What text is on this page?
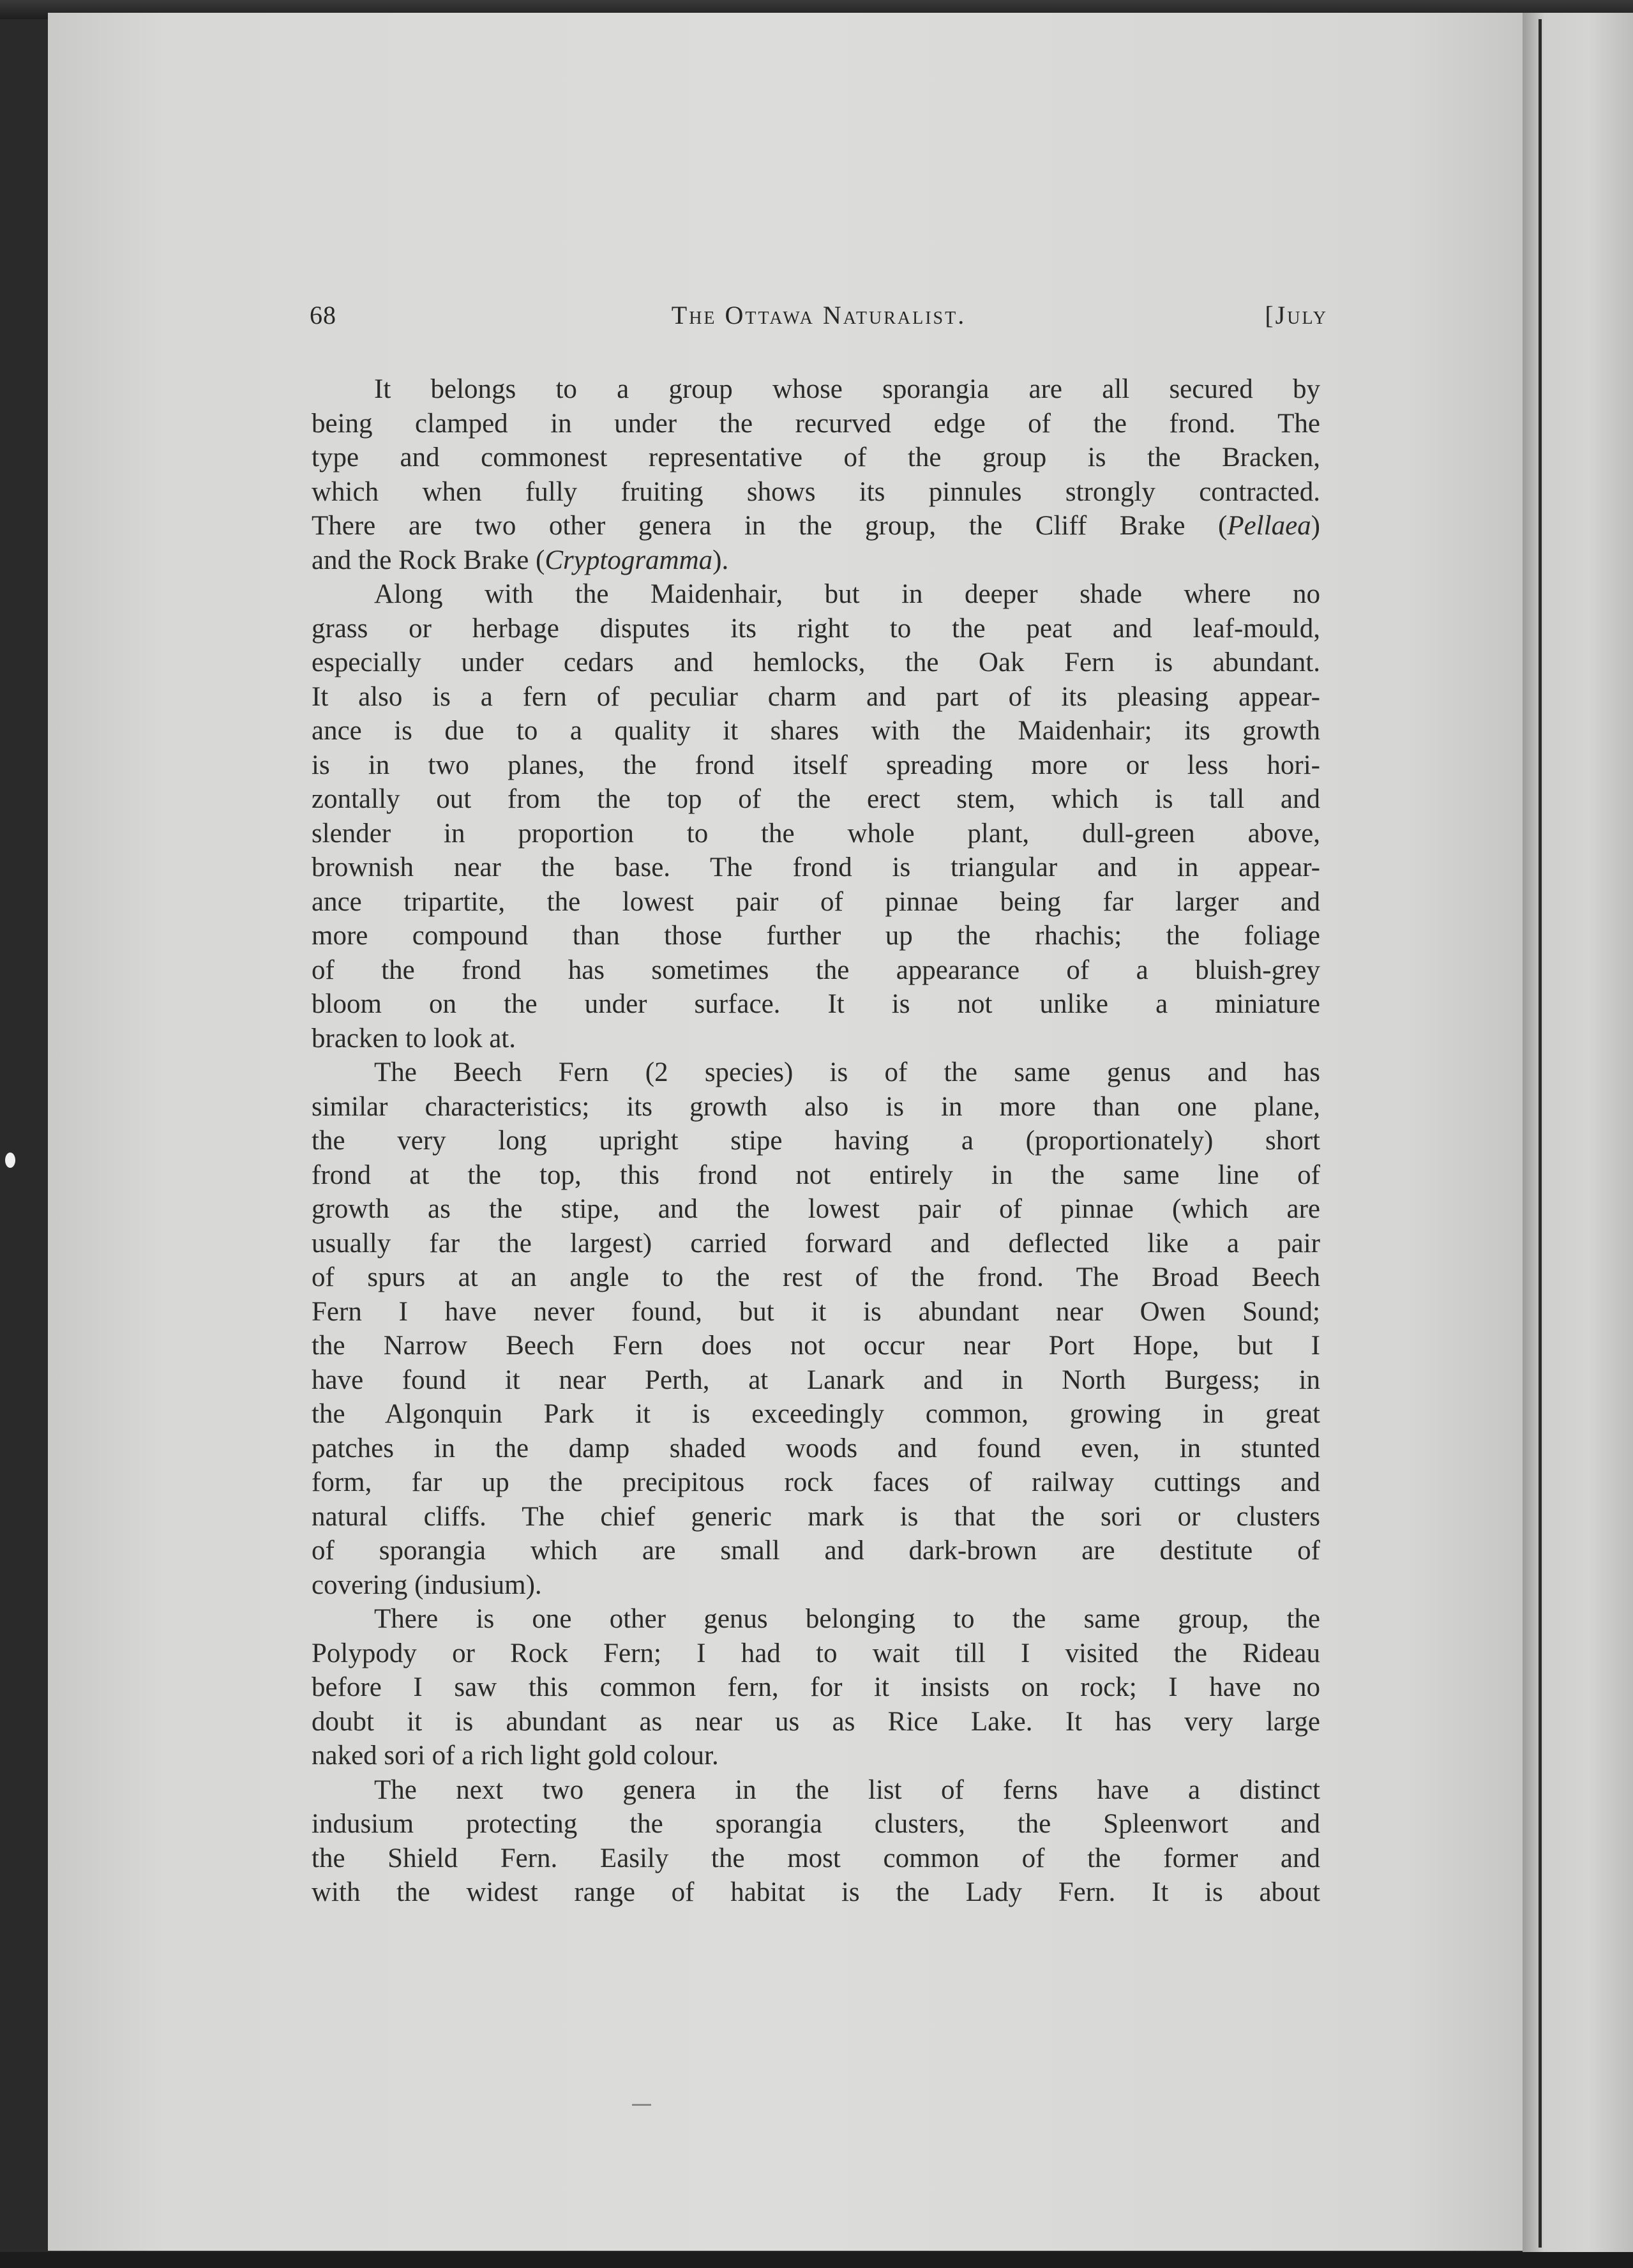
68	The Ottawa Naturalist.	[July
It belongs to a group whose sporangia are all secured by
being clamped in under the recurved edge of the frond. The
type and commonest representative of the group is the Bracken,
which when fully fruiting shows its pinnules strongly contracted.
There are two other genera in the group, the Cliff Brake (Pellaea)
and the Rock Brake (Cryptogramma).
Along with the Maidenhair, but in deeper shade where no
grass or herbage disputes its right to the peat and leaf-mould,
especially under cedars and hemlocks, the Oak Fern is abundant.
It also is a fern of peculiar charm and part of its pleasing appear-
ance is due to a quality it shares with the Maidenhair; its growth
is in two planes, the frond itself spreading more or less hori-
zontally out from the top of the erect stem, which is tall and
slender in proportion to the whole plant, dull-green above,
brownish near the base. The frond is triangular and in appear-
ance tripartite, the lowest pair of pinnae being far larger and
more compound than those further up the rhachis; the foliage
of the frond has sometimes the appearance of a bluish-grey
bloom on the under surface. It is not unlike a miniature
bracken to look at.
The Beech Fern (2 species) is of the same genus and has
similar characteristics; its growth also is in more than one plane,
the very long upright stipe having a (proportionately) short
frond at the top, this frond not entirely in the same line of
growth as the stipe, and the lowest pair of pinnae (which are
usually far the largest) carried forward and deflected like a pair
of spurs at an angle to the rest of the frond. The Broad Beech
Fern I have never found, but it is abundant near Owen Sound;
the Narrow Beech Fern does not occur near Port Hope, but I
have found it near Perth, at Lanark and in North Burgess; in
the Algonquin Park it is exceedingly common, growing in great
patches in the damp shaded woods and found even, in stunted
form, far up the precipitous rock faces of railway cuttings and
natural cliffs. The chief generic mark is that the sori or clusters
of sporangia which are small and dark-brown are destitute of
covering (indusium).
There is one other genus belonging to the same group, the
Polypody or Rock Fern; I had to wait till I visited the Rideau
before I saw this common fern, for it insists on rock; I have no
doubt it is abundant as near us as Rice Lake. It has very large
naked sori of a rich light gold colour.
The next two genera in the list of ferns have a distinct
indusium protecting the sporangia clusters, the Spleenwort and
the Shield Fern. Easily the most common of the former and
with the widest range of habitat is the Lady Fern. It is about
